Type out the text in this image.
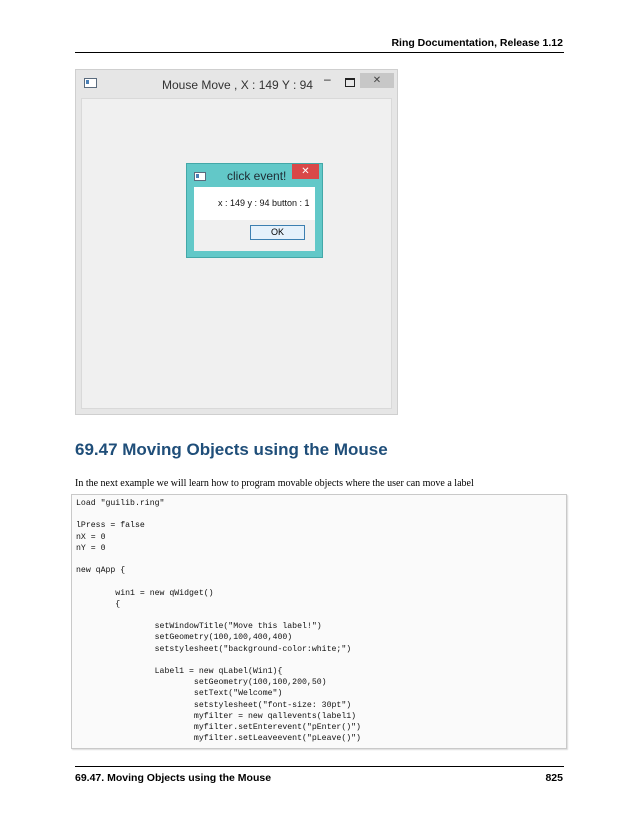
Ring Documentation, Release 1.12
Mouse Move , X : 149 Y : 94 –	✕
click event!	✕
x : 149 y : 94 button : 1
OK
69.47 Moving Objects using the Mouse
In the next example we will learn how to program movable objects where the user can move a label
Load "guilib.ring"
lPress = false
nX = 0
nY = 0
new qApp {
win1 = new qWidget()
{
setWindowTitle("Move this label!")
setGeometry(100,100,400,400)
setstylesheet("background-color:white;")
Label1 = new qLabel(Win1){
setGeometry(100,100,200,50)
setText("Welcome")
setstylesheet("font-size: 30pt")
myfilter = new qallevents(label1)
myfilter.setEnterevent("pEnter()")
myfilter.setLeaveevent("pLeave()")
69.47. Moving Objects using the Mouse	825
